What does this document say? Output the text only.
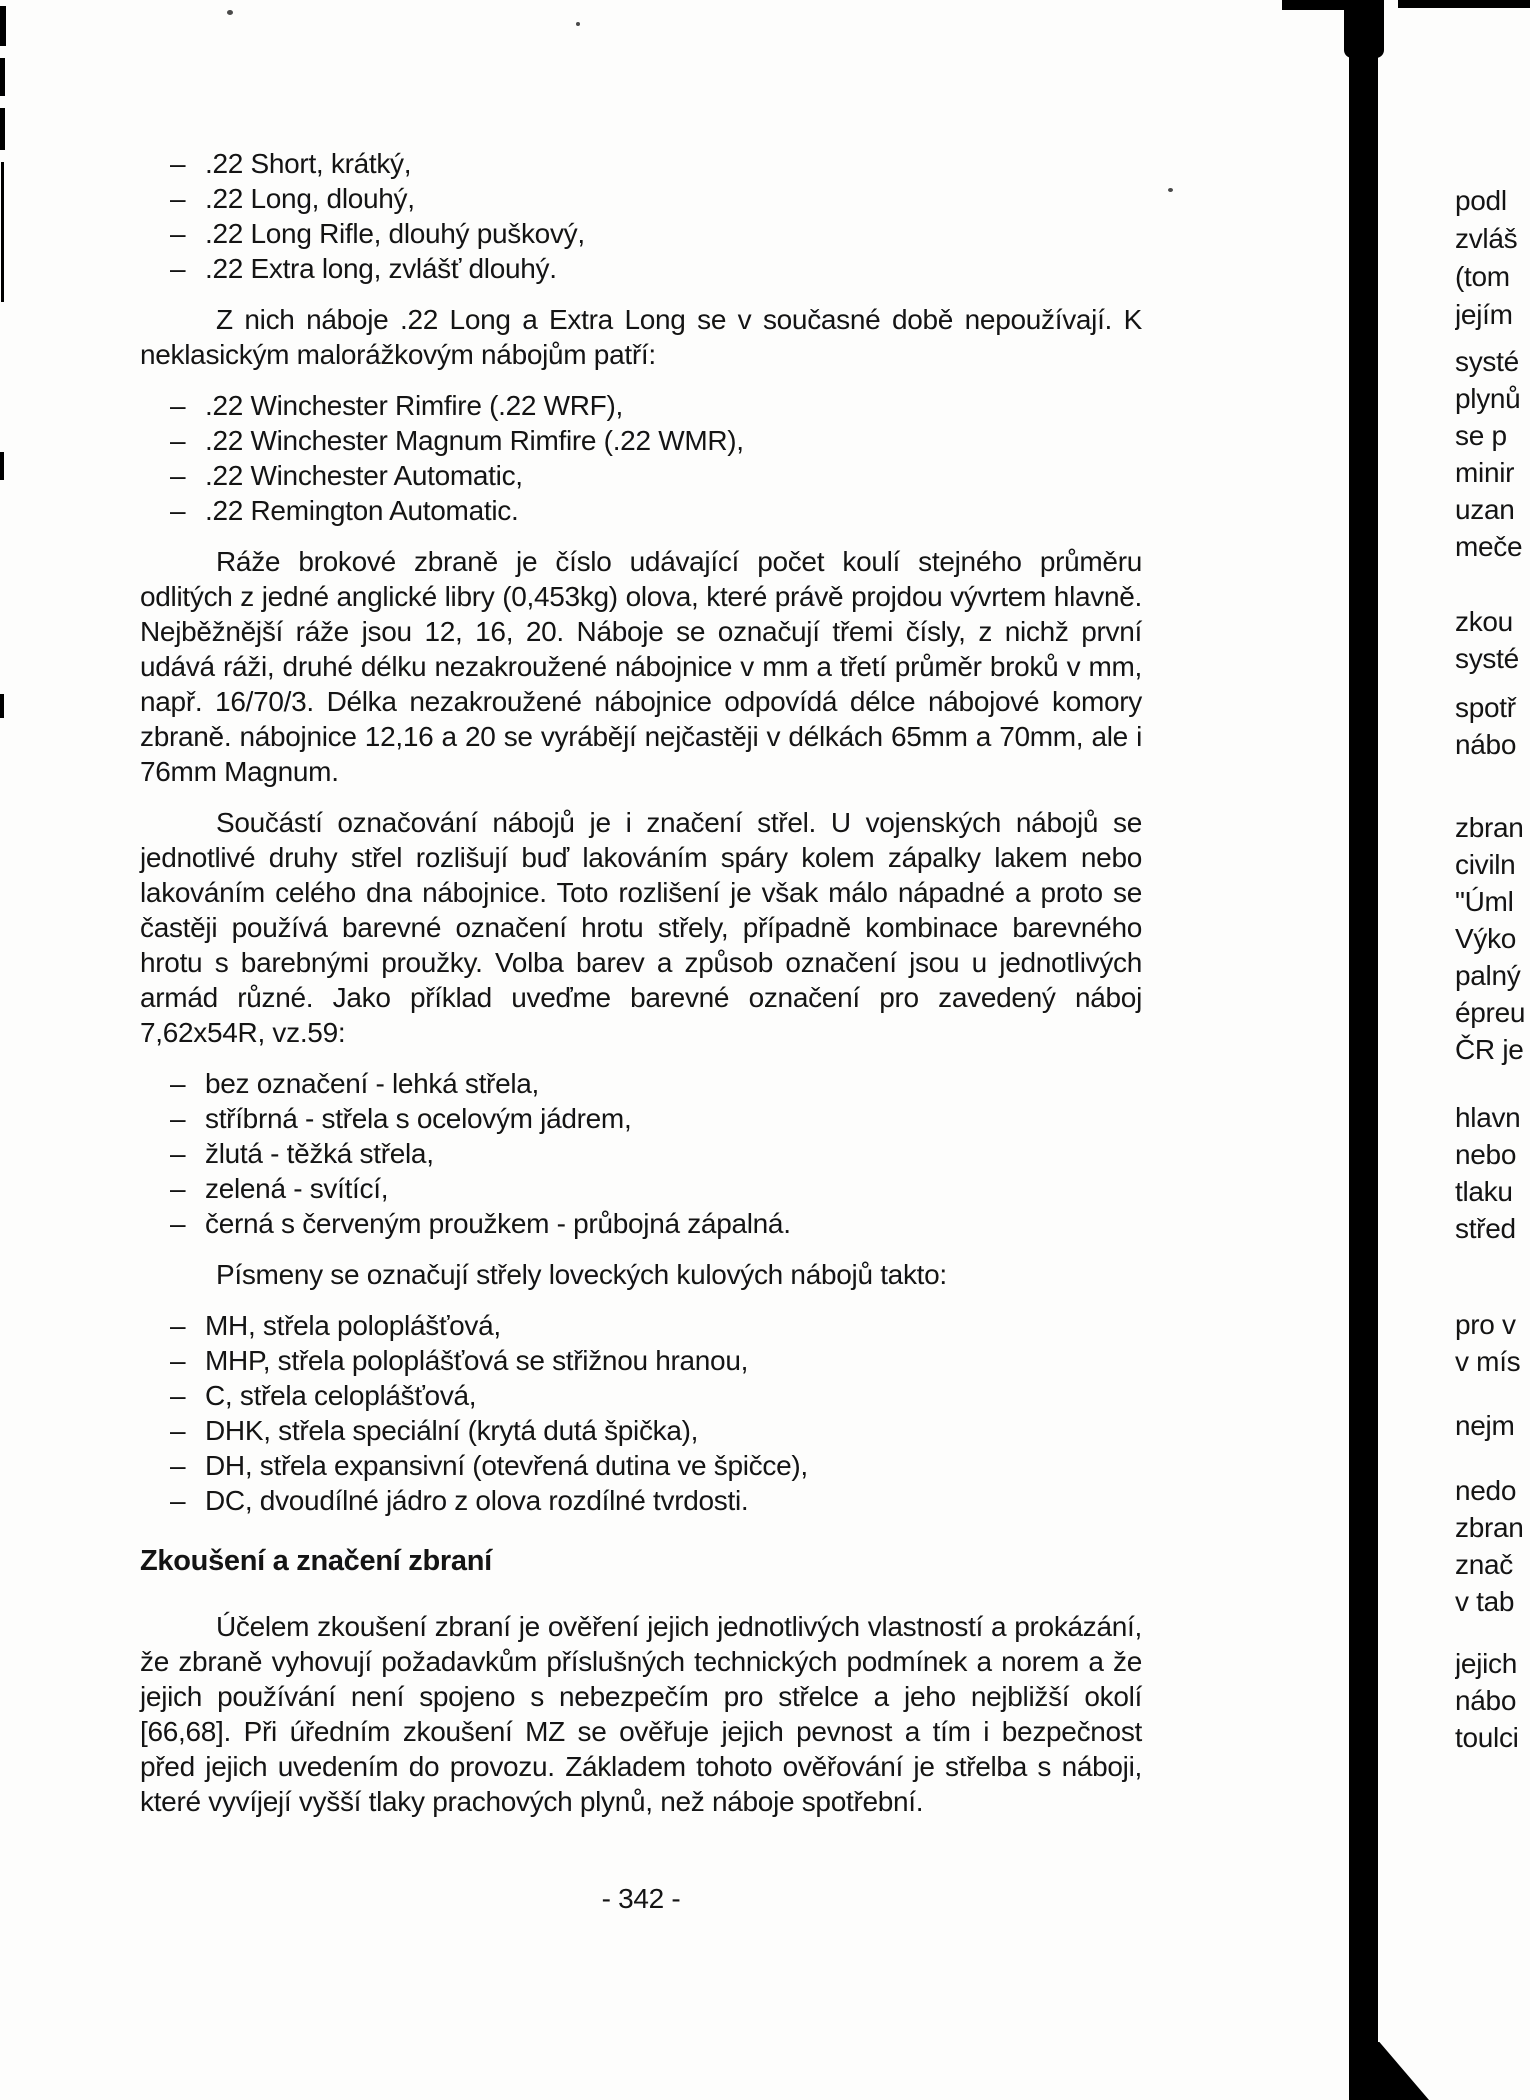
– .22 Short, krátký,
– .22 Long, dlouhý,
– .22 Long Rifle, dlouhý puškový,
– .22 Extra long, zvlášť dlouhý.

Z nich náboje .22 Long a Extra Long se v současné době nepoužívají. K neklasickým malorážkovým nábojům patří:

– .22 Winchester Rimfire (.22 WRF),
– .22 Winchester Magnum Rimfire (.22 WMR),
– .22 Winchester Automatic,
– .22 Remington Automatic.

Ráže brokové zbraně je číslo udávající počet koulí stejného průměru odlitých z jedné anglické libry (0,453kg) olova, které právě projdou vývrtem hlavně. Nejběžnější ráže jsou 12, 16, 20. Náboje se označují třemi čísly, z nichž první udává ráži, druhé délku nezakroužené nábojnice v mm a třetí průměr broků v mm, např. 16/70/3. Délka nezakroužené nábojnice odpovídá délce nábojové komory zbraně. nábojnice 12,16 a 20 se vyrábějí nejčastěji v délkách 65mm a 70mm, ale i 76mm Magnum.

Součástí označování nábojů je i značení střel. U vojenských nábojů se jednotlivé druhy střel rozlišují buď lakováním spáry kolem zápalky lakem nebo lakováním celého dna nábojnice. Toto rozlišení je však málo nápadné a proto se častěji používá barevné označení hrotu střely, případně kombinace barevného hrotu s barebnými proužky. Volba barev a způsob označení jsou u jednotlivých armád různé. Jako příklad uveďme barevné označení pro zavedený náboj 7,62x54R, vz.59:

– bez označení - lehká střela,
– stříbrná - střela s ocelovým jádrem,
– žlutá - těžká střela,
– zelená - svítící,
– černá s červeným proužkem - průbojná zápalná.

Písmeny se označují střely loveckých kulových nábojů takto:

– MH, střela poloplášťová,
– MHP, střela poloplášťová se střižnou hranou,
– C, střela celoplášťová,
– DHK, střela speciální (krytá dutá špička),
– DH, střela expansivní (otevřená dutina ve špičce),
– DC, dvoudílné jádro z olova rozdílné tvrdosti.
Zkoušení a značení zbraní

Účelem zkoušení zbraní je ověření jejich jednotlivých vlastností a prokázání, že zbraně vyhovují požadavkům příslušných technických podmínek a norem a že jejich používání není spojeno s nebezpečím pro střelce a jeho nejbližší okolí [66,68]. Při úředním zkoušení MZ se ověřuje jejich pevnost a tím i bezpečnost před jejich uvedením do provozu. Základem tohoto ověřování je střelba s náboji, které vyvíjejí vyšší tlaky prachových plynů, než náboje spotřební.

- 342 -
podl
zvláš
(tom
jejím
systé
plynů
se p
minir
uzan
meče
zkou
systé
spotř
nábo
zbran
civiln
"Úml
Výko
palný
épreu
ČR je
hlavn
nebo
tlaku
střed
pro v
v mís
nejm
nedo
zbran
znač
v tab
jejich
nábo
toulci
